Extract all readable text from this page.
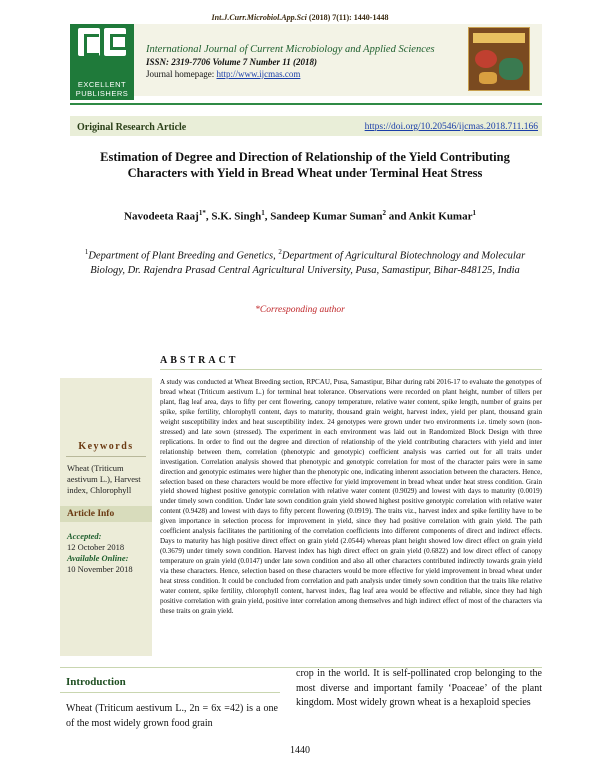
Int.J.Curr.Microbiol.App.Sci (2018) 7(11): 1440-1448
EXCELLENT
PUBLISHERS
International Journal of Current Microbiology and Applied Sciences
ISSN: 2319-7706 Volume 7 Number 11 (2018)
Journal homepage: http://www.ijcmas.com
Original Research Article	https://doi.org/10.20546/ijcmas.2018.711.166
Estimation of Degree and Direction of Relationship of the Yield Contributing Characters with Yield in Bread Wheat under Terminal Heat Stress
Navodeeta Raaj$^{1*}$, S.K. Singh$^1$, Sandeep Kumar Suman$^2$ and Ankit Kumar$^1$
$^1$Department of Plant Breeding and Genetics, $^2$Department of Agricultural Biotechnology and Molecular Biology, Dr. Rajendra Prasad Central Agricultural University, Pusa, Samastipur, Bihar-848125, India
*Corresponding author
ABSTRACT
Keywords
Wheat (Triticum aestivum L.), Harvest index, Chlorophyll
Article Info
Accepted:
12 October 2018
Available Online:
10 November 2018
A study was conducted at Wheat Breeding section, RPCAU, Pusa, Samastipur, Bihar during rabi 2016-17 to evaluate the genotypes of bread wheat (Triticum aestivum L.) for terminal heat tolerance. Observations were recorded on plant height, number of tillers per plant, flag leaf area, days to fifty per cent flowering, canopy temperature, relative water content, spike length, number of grains per spike, spike fertility, chlorophyll content, days to maturity, thousand grain weight, harvest index, yield per plant, thousand grain weight susceptibility index and heat susceptibility index. 24 genotypes were grown under two environments i.e. timely sown (non-stressed) and late sown (stressed). The experiment in each environment was laid out in Randomized Block Design with three replications. In order to find out the degree and direction of relationship of the yield contributing characters with yield and inter relationship between them, correlation (phenotypic and genotypic) coefficient analysis was carried out for all traits under investigation. Correlation analysis showed that phenotypic and genotypic correlation for most of the character pairs were in same direction and genotypic estimates were higher than the phenotypic one, indicating inherent association between the characters. Hence, selection based on these characters would be more effective for yield improvement in bread wheat under heat stress condition. Grain yield showed highest positive genotypic correlation with relative water content (0.9029) and lowest with days to maturity (0.0019) under timely sown condition. Under late sown condition grain yield showed highest positive genotypic correlation with relative water content (0.9428) and lowest with days to fifty percent flowering (0.0919). The traits viz., harvest index and spike fertility have to be given importance in selection process for improvement in yield, since they had positive correlation with grain yield. The path coefficient analysis facilitates the partitioning of the correlation coefficients into different components of direct and indirect effects. Days to maturity has high positive direct effect on grain yield (2.0544) whereas plant height showed low direct effect on grain yield (0.3679) under timely sown condition. Harvest index has high direct effect on grain yield (0.6822) and low direct effect of canopy temperature on grain yield (0.0147) under late sown condition and also all other characters contributed indirectly towards grain yield via these characters. Hence, selection based on these characters would be more effective for yield improvement in bread wheat under heat stress condition. It could be concluded from correlation and path analysis under timely sown condition that the traits like relative water content, spike fertility, chlorophyll content, harvest index, flag leaf area would be effective and reliable, since they had high positive correlation with grain yield, positive inter correlation among themselves and high indirect effect of most of the characters via these traits on grain yield.
Introduction
Wheat (Triticum aestivum L., 2n = 6x =42) is a one of the most widely grown food grain
crop in the world. It is self-pollinated crop belonging to the most diverse and important family ‘Poaceae’ of the plant kingdom. Most widely grown wheat is a hexaploid species
1440
